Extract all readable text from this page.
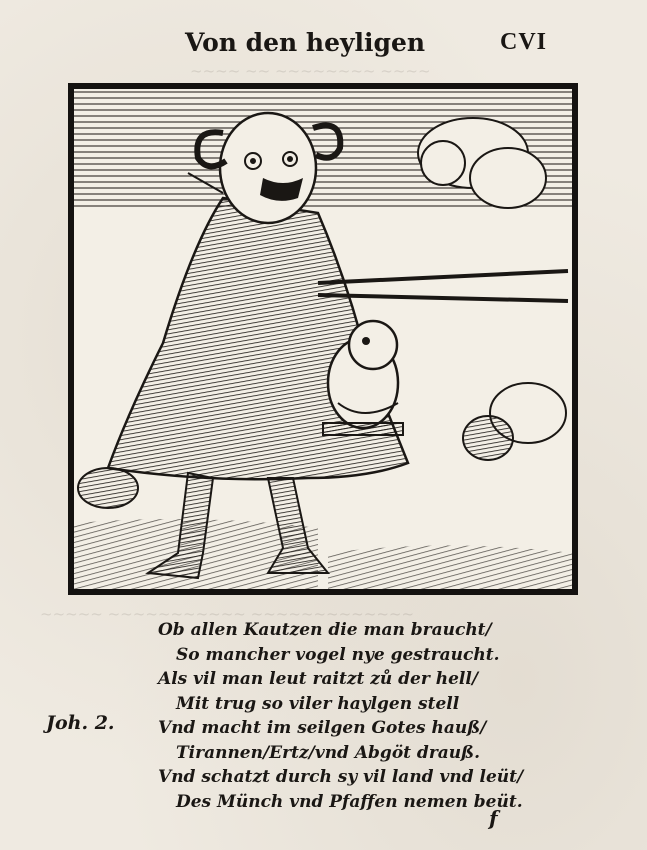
~~~~ ~~ ~~~~~~~~ ~~~~
~~~~~ ~~~~~~~~~~~ ~~~~~~~~~~~~~
Von den heyligen	CVI
Joh. 2.
Ob allen Kautzen die man braucht/
So mancher vogel nye gestraucht.
Als vil man leut raitzt zů der hell/
Mit trug so viler haylgen stell
Vnd macht im seilgen Gotes hauß/
Tirannen/Ertz/vnd Abgöt drauß.
Vnd schatzt durch sy vil land vnd leüt/
Des Münch vnd Pfaffen nemen beüt.
f
